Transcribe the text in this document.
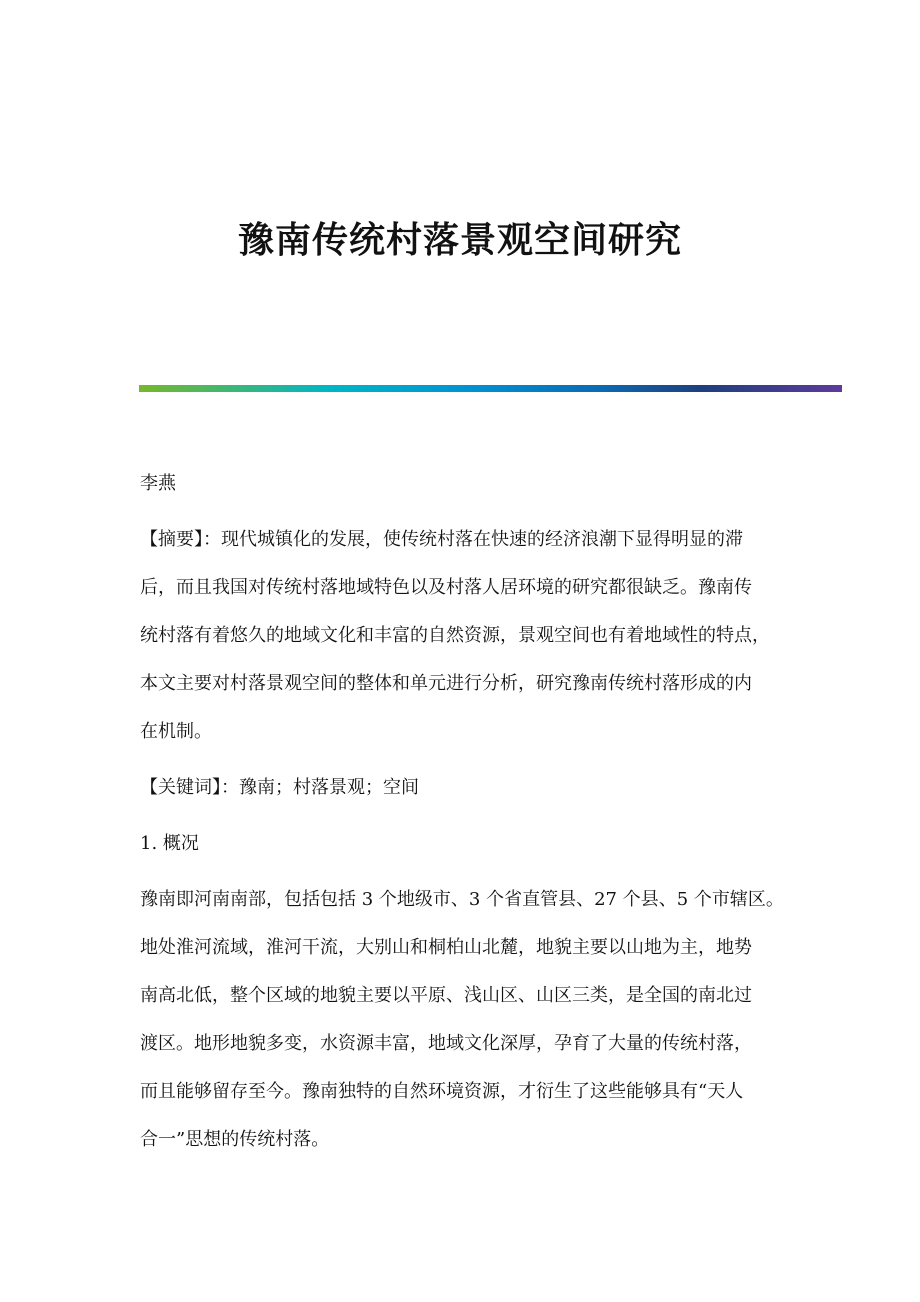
豫南传统村落景观空间研究
李燕
【摘要】：现代城镇化的发展，使传统村落在快速的经济浪潮下显得明显的滞
后，而且我国对传统村落地域特色以及村落人居环境的研究都很缺乏。豫南传
统村落有着悠久的地域文化和丰富的自然资源，景观空间也有着地域性的特点，
本文主要对村落景观空间的整体和单元进行分析，研究豫南传统村落形成的内
在机制。
【关键词】：豫南；村落景观；空间
1. 概况
豫南即河南南部，包括包括 3 个地级市、3 个省直管县、27 个县、5 个市辖区。
地处淮河流域，淮河干流，大别山和桐柏山北麓，地貌主要以山地为主，地势
南高北低，整个区域的地貌主要以平原、浅山区、山区三类，是全国的南北过
渡区。地形地貌多变，水资源丰富，地域文化深厚，孕育了大量的传统村落，
而且能够留存至今。豫南独特的自然环境资源，才衍生了这些能够具有“天人
合一”思想的传统村落。
